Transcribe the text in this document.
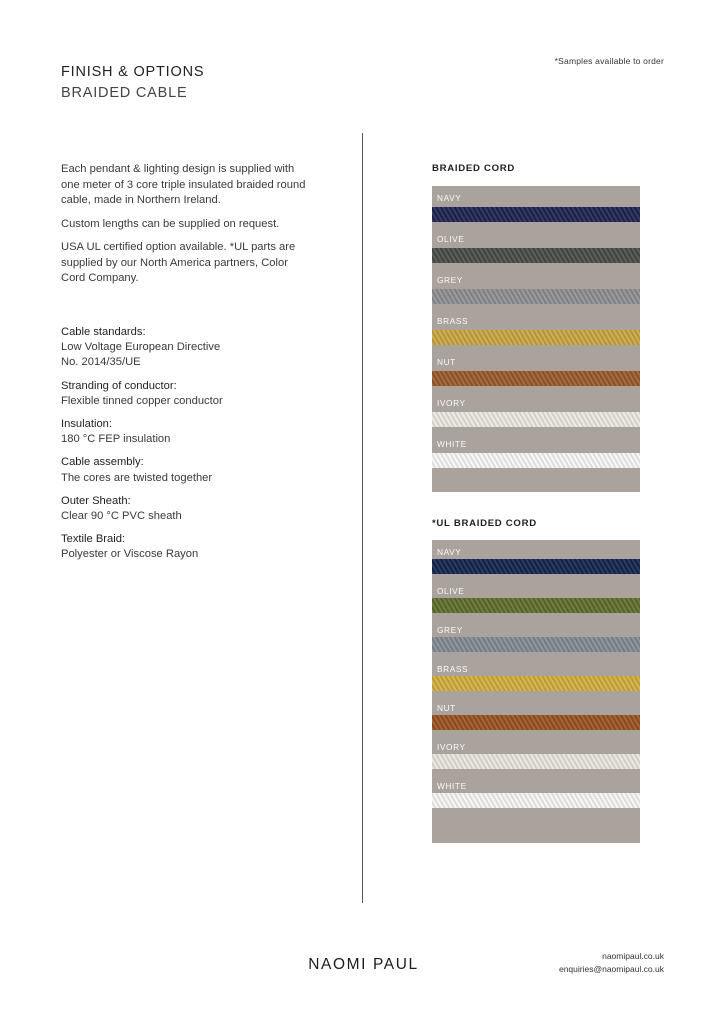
*Samples available to order
FINISH & OPTIONS
BRAIDED CABLE

Each pendant & lighting design is supplied with one meter of 3 core triple insulated braided round cable, made in Northern Ireland.

Custom lengths can be supplied on request.

USA UL certified option available. *UL parts are supplied by our North America partners, Color Cord Company.

Cable standards:
Low Voltage European Directive
No. 2014/35/UE
Stranding of conductor:
Flexible tinned copper conductor
Insulation:
180 °C FEP insulation
Cable assembly:
The cores are twisted together
Outer Sheath:
Clear 90 °C PVC sheath
Textile Braid:
Polyester or Viscose Rayon
BRAIDED CORD
NAVY
OLIVE
GREY
BRASS
NUT
IVORY
WHITE
*UL BRAIDED CORD
NAVY
OLIVE
GREY
BRASS
NUT
IVORY
WHITE
NAOMI PAUL	naomipaul.co.uk
enquiries@naomipaul.co.uk
